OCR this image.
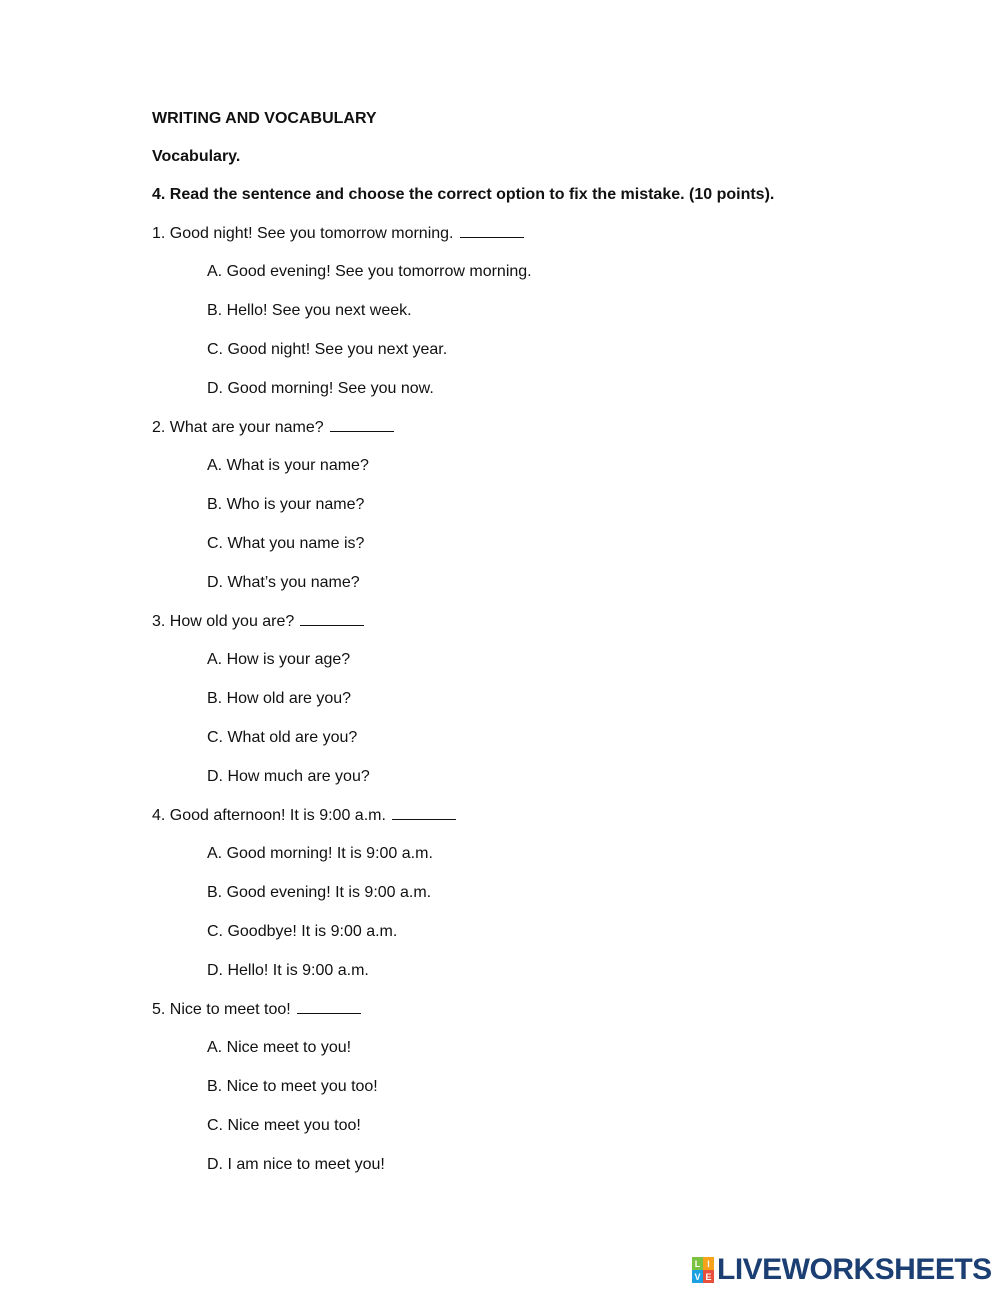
WRITING AND VOCABULARY
Vocabulary.
4. Read the sentence and choose the correct option to fix the mistake. (10 points).
1. Good night! See you tomorrow morning.
A. Good evening! See you tomorrow morning.
B. Hello! See you next week.
C. Good night! See you next year.
D. Good morning! See you now.
2. What are your name?
A. What is your name?
B. Who is your name?
C. What you name is?
D. What’s you name?
3. How old you are?
A. How is your age?
B. How old are you?
C. What old are you?
D. How much are you?
4. Good afternoon! It is 9:00 a.m.
A. Good morning! It is 9:00 a.m.
B. Good evening! It is 9:00 a.m.
C. Goodbye! It is 9:00 a.m.
D. Hello! It is 9:00 a.m.
5. Nice to meet too!
A. Nice meet to you!
B. Nice to meet you too!
C. Nice meet you too!
D. I am nice to meet you!
L I
V E LIVEWORKSHEETS
